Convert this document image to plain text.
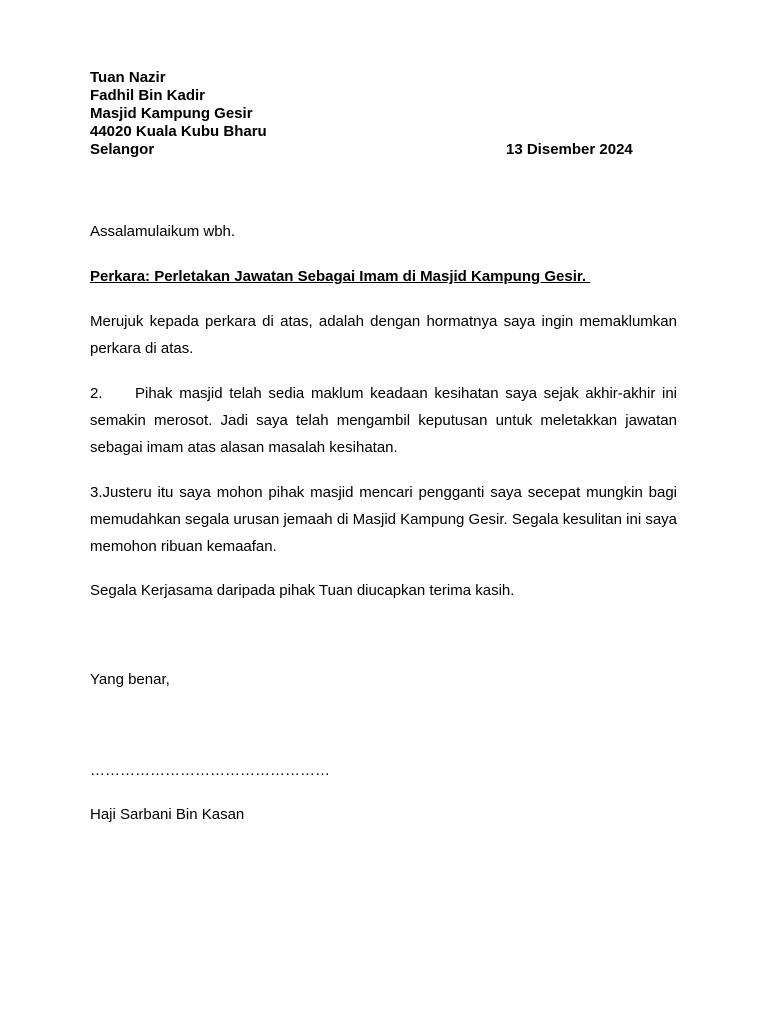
Tuan Nazir
Fadhil Bin Kadir
Masjid Kampung Gesir
44020 Kuala Kubu Bharu
Selangor	13 Disember 2024
Assalamulaikum wbh.
Perkara: Perletakan Jawatan Sebagai Imam di Masjid Kampung Gesir.
Merujuk kepada perkara di atas, adalah dengan hormatnya saya ingin memaklumkan perkara di atas.
2. Pihak masjid telah sedia maklum keadaan kesihatan saya sejak akhir-akhir ini semakin merosot. Jadi saya telah mengambil keputusan untuk meletakkan jawatan sebagai imam atas alasan masalah kesihatan.
3.Justeru itu saya mohon pihak masjid mencari pengganti saya secepat mungkin bagi memudahkan segala urusan jemaah di Masjid Kampung Gesir. Segala kesulitan ini saya memohon ribuan kemaafan.
Segala Kerjasama daripada pihak Tuan diucapkan terima kasih.
Yang benar,
…………………………………………
Haji Sarbani Bin Kasan
